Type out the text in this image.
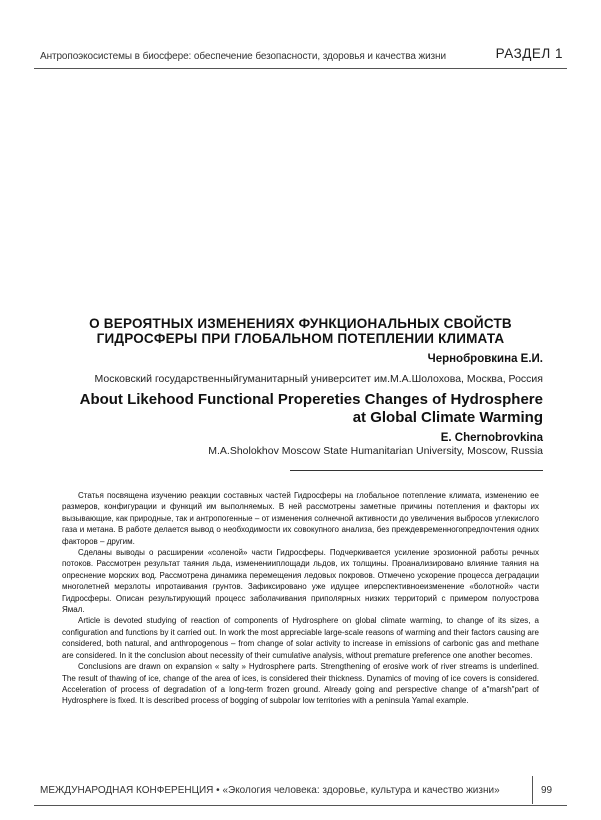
Антропоэкосистемы в биосфере: обеспечение безопасности, здоровья и качества жизни	РАЗДЕЛ 1
О ВЕРОЯТНЫХ ИЗМЕНЕНИЯХ ФУНКЦИОНАЛЬНЫХ СВОЙСТВ
ГИДРОСФЕРЫ ПРИ ГЛОБАЛЬНОМ ПОТЕПЛЕНИИ КЛИМАТА
Чернобровкина Е.И.
Московский государственныйгуманитарный университет им.М.А.Шолохова, Москва, Россия
About Likehood Functional Propereties Changes of Hydrosphere
at Global Climate Warming
E. Chernobrovkina
M.A.Sholokhov Moscow State Humanitarian University, Moscow, Russia

Статья посвящена изучению реакции составных частей Гидросферы на глобальное потепление климата, изменению ее размеров, конфигурации и функций им выполняемых. В ней рассмотрены заметные причины потепления и факторы их вызывающие, как природные, так и антропогенные – от изменения солнечной активности до увеличения выбросов углекислого газа и метана. В работе делается вывод о необходимости их совокупного анализа, без преждевременногопредпочтения одних факторов – другим.

Сделаны выводы о расширении «соленой» части Гидросферы. Подчеркивается усиление эрозионной работы речных потоков. Рассмотрен результат таяния льда, измененииплощади льдов, их толщины. Проанализировано влияние таяния на опреснение морских вод. Рассмотрена динамика перемещения ледовых покровов. Отмечено ускорение процесса деградации многолетней мерзлоты ипротаивания грунтов. Зафиксировано уже идущее иперспективноеизменение «болотной» части Гидросферы. Описан результирующий процесс заболачивания приполярных низких территорий с примером полуострова Ямал.

Article is devoted studying of reaction of components of Hydrosphere on global climate warming, to change of its sizes, a configuration and functions by it carried out. In work the most appreciable large-scale reasons of warming and their factors causing are considered, both natural, and anthropogenous – from change of solar activity to increase in emissions of carbonic gas and methane are considered. In it the conclusion about necessity of their cumulative analysis, without premature preference one another becomes.

Conclusions are drawn on expansion « salty » Hydrosphere parts. Strengthening of erosive work of river streams is underlined. The result of thawing of ice, change of the area of ices, is considered their thickness. Dynamics of moving of ice covers is considered. Acceleration of process of degradation of a long-term frozen ground. Already going and perspective change of a"marsh"part of Hydrosphere is fixed. It is described process of bogging of subpolar low territories with a peninsula Yamal example.

МЕЖДУНАРОДНАЯ КОНФЕРЕНЦИЯ • «Экология человека: здоровье, культура и качество жизни»	99
